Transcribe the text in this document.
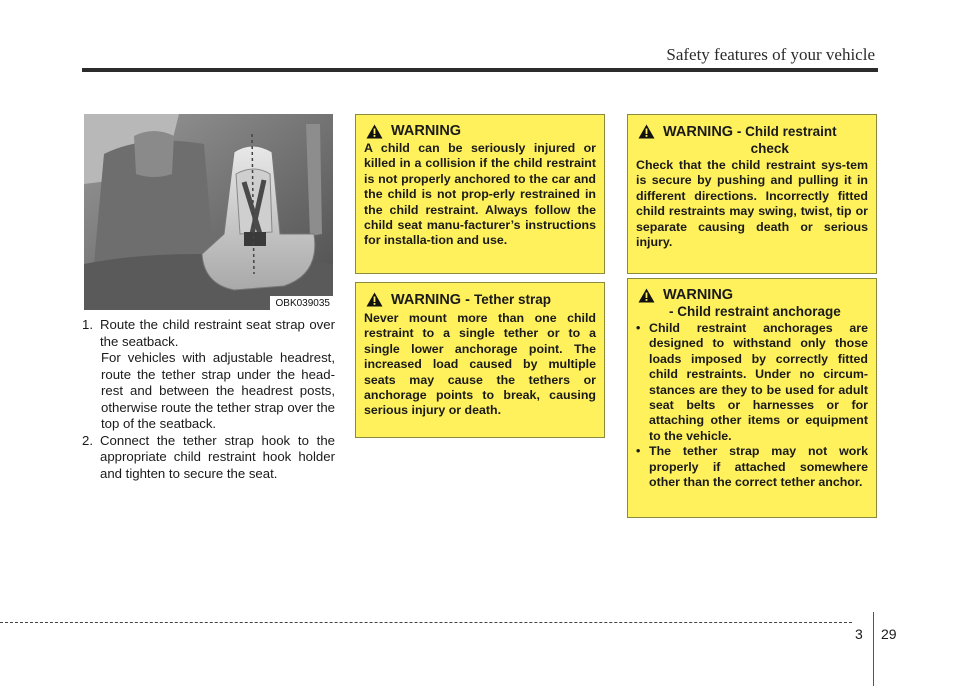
Safety features of your vehicle
OBK039035
1. Route the child restraint seat strap over the seatback.
For vehicles with adjustable headrest, route the tether strap under the head-rest and between the headrest posts, otherwise route the tether strap over the top of the seatback.
2. Connect the tether strap hook to the appropriate child restraint hook holder and tighten to secure the seat.
WARNING
A child can be seriously injured or killed in a collision if the child restraint is not properly anchored to the car and the child is not prop-erly restrained in the child restraint. Always follow the child seat manu-facturer’s instructions for installa-tion and use.
WARNING - Tether strap
Never mount more than one child restraint to a single tether or to a single lower anchorage point. The increased load caused by multiple seats may cause the tethers or anchorage points to break, causing serious injury or death.
WARNING - Child restraint
check
Check that the child restraint sys-tem is secure by pushing and pulling it in different directions. Incorrectly fitted child restraints may swing, twist, tip or separate causing death or serious injury.
WARNING
- Child restraint anchorage
• Child restraint anchorages are designed to withstand only those loads imposed by correctly fitted child restraints. Under no circum-stances are they to be used for adult seat belts or harnesses or for attaching other items or equipment to the vehicle.
• The tether strap may not work properly if attached somewhere other than the correct tether anchor.
3 29
